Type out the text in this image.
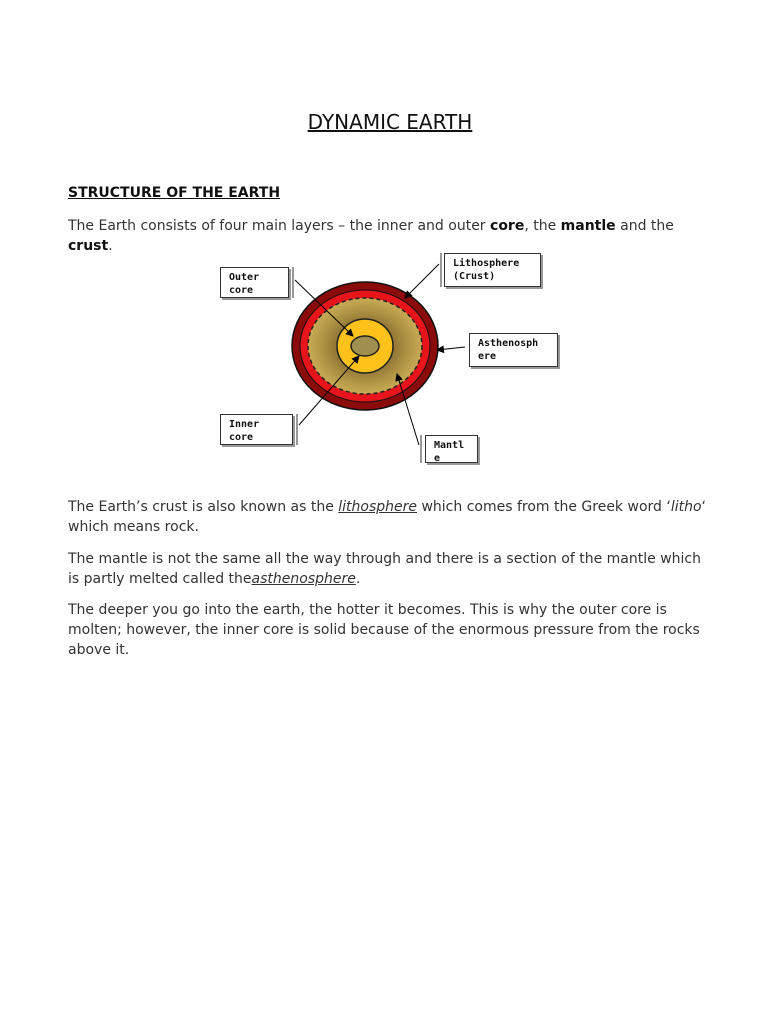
DYNAMIC EARTH
STRUCTURE OF THE EARTH

The Earth consists of four main layers – the inner and outer core, the mantle and the crust.

Outer core
Lithosphere (Crust)
Asthenosph ere
Inner core
Mantl e

The Earth’s crust is also known as the lithosphere which comes from the Greek word ‘litho‘ which means rock.

The mantle is not the same all the way through and there is a section of the mantle which is partly melted called theasthenosphere.

The deeper you go into the earth, the hotter it becomes. This is why the outer core is molten; however, the inner core is solid because of the enormous pressure from the rocks above it.
